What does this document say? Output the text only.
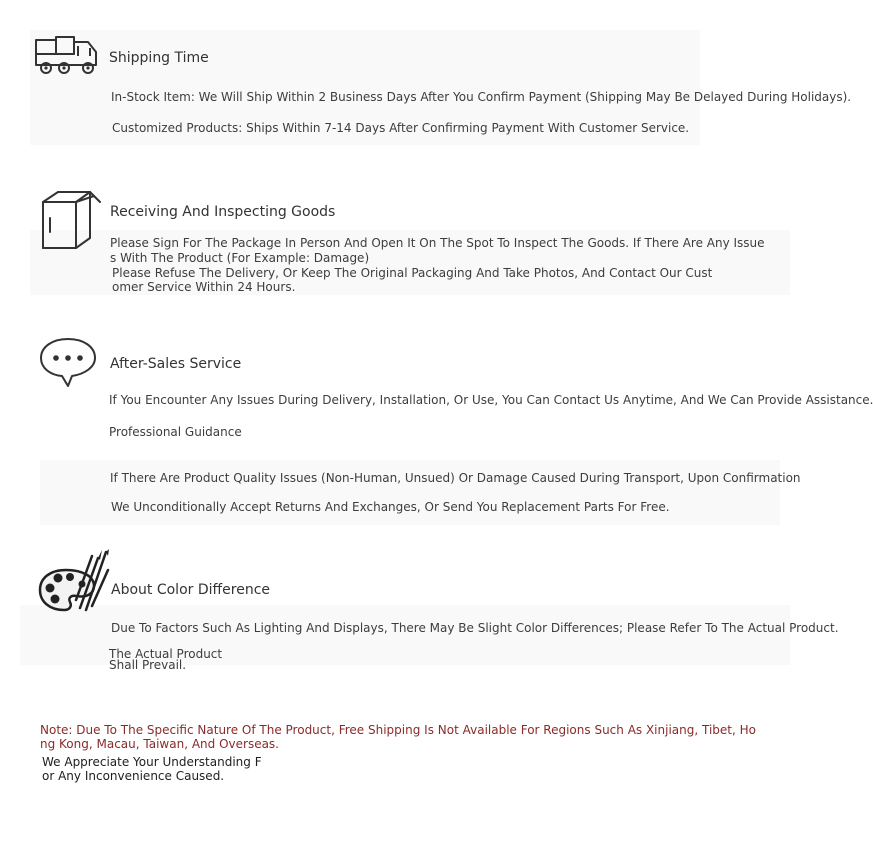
Shipping Time
In-Stock Item: We Will Ship Within 2 Business Days After You Confirm Payment (Shipping May Be Delayed During Holidays).
Customized Products: Ships Within 7-14 Days After Confirming Payment With Customer Service.
Receiving And Inspecting Goods
Please Sign For The Package In Person And Open It On The Spot To Inspect The Goods. If There Are Any Issue
s With The Product (For Example: Damage)
Please Refuse The Delivery, Or Keep The Original Packaging And Take Photos, And Contact Our Cust
omer Service Within 24 Hours.
After-Sales Service
If You Encounter Any Issues During Delivery, Installation, Or Use, You Can Contact Us Anytime, And We Can Provide Assistance.
Professional Guidance
If There Are Product Quality Issues (Non-Human, Unsued) Or Damage Caused During Transport, Upon Confirmation
We Unconditionally Accept Returns And Exchanges, Or Send You Replacement Parts For Free.
About Color Difference
Due To Factors Such As Lighting And Displays, There May Be Slight Color Differences; Please Refer To The Actual Product.
The Actual Product
Shall Prevail.
Note: Due To The Specific Nature Of The Product, Free Shipping Is Not Available For Regions Such As Xinjiang, Tibet, Ho
ng Kong, Macau, Taiwan, And Overseas.
We Appreciate Your Understanding F
or Any Inconvenience Caused.
